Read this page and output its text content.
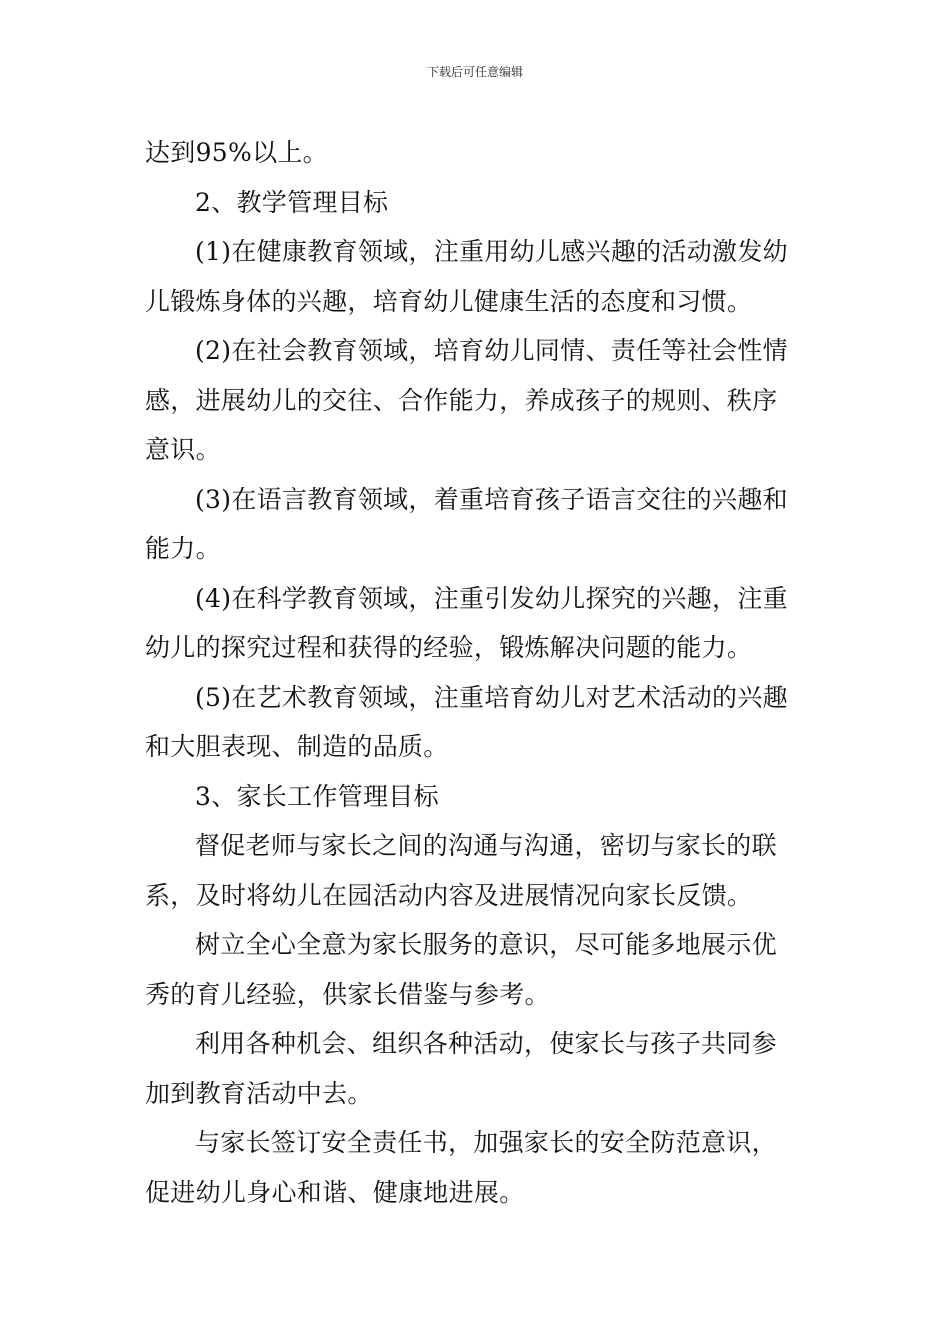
下载后可任意编辑
达到95%以上。
2、教学管理目标
(1)在健康教育领域，注重用幼儿感兴趣的活动激发幼
儿锻炼身体的兴趣，培育幼儿健康生活的态度和习惯。
(2)在社会教育领域，培育幼儿同情、责任等社会性情
感，进展幼儿的交往、合作能力，养成孩子的规则、秩序
意识。
(3)在语言教育领域，着重培育孩子语言交往的兴趣和
能力。
(4)在科学教育领域，注重引发幼儿探究的兴趣，注重
幼儿的探究过程和获得的经验，锻炼解决问题的能力。
(5)在艺术教育领域，注重培育幼儿对艺术活动的兴趣
和大胆表现、制造的品质。
3、家长工作管理目标
督促老师与家长之间的沟通与沟通，密切与家长的联
系，及时将幼儿在园活动内容及进展情况向家长反馈。
树立全心全意为家长服务的意识，尽可能多地展示优
秀的育儿经验，供家长借鉴与参考。
利用各种机会、组织各种活动，使家长与孩子共同参
加到教育活动中去。
与家长签订安全责任书，加强家长的安全防范意识，
促进幼儿身心和谐、健康地进展。
